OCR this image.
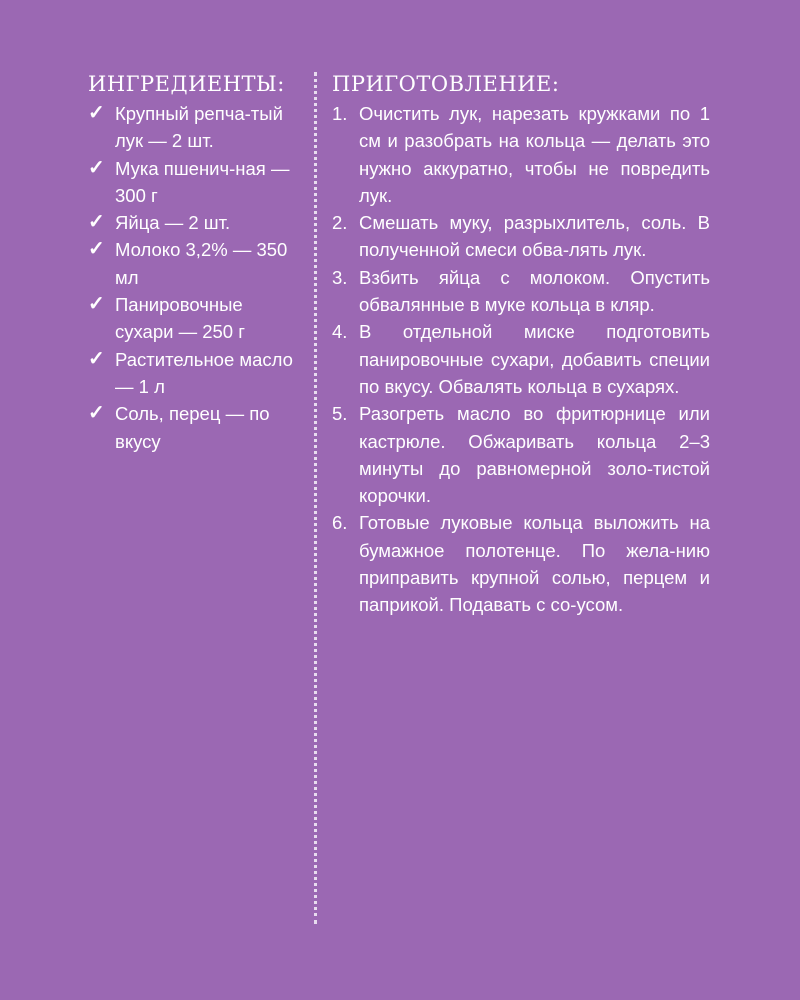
ИНГРЕДИЕНТЫ:
✓ Крупный репча-тый лук — 2 шт.
✓ Мука пшенич-ная — 300 г
✓ Яйца — 2 шт.
✓ Молоко 3,2% — 350 мл
✓ Панировочные сухари — 250 г
✓ Растительное масло — 1 л
✓ Соль, перец — по вкусу
ПРИГОТОВЛЕНИЕ:
1. Очистить лук, нарезать кружками по 1 см и разобрать на кольца — делать это нужно аккуратно, чтобы не повредить лук.
2. Смешать муку, разрыхлитель, соль. В полученной смеси обва-лять лук.
3. Взбить яйца с молоком. Опустить обвалянные в муке кольца в кляр.
4. В отдельной миске подготовить панировочные сухари, добавить специи по вкусу. Обвалять кольца в сухарях.
5. Разогреть масло во фритюрнице или кастрюле. Обжаривать кольца 2–3 минуты до равномерной золо-тистой корочки.
6. Готовые луковые кольца выложить на бумажное полотенце. По жела-нию приправить крупной солью, перцем и паприкой. Подавать с со-усом.
